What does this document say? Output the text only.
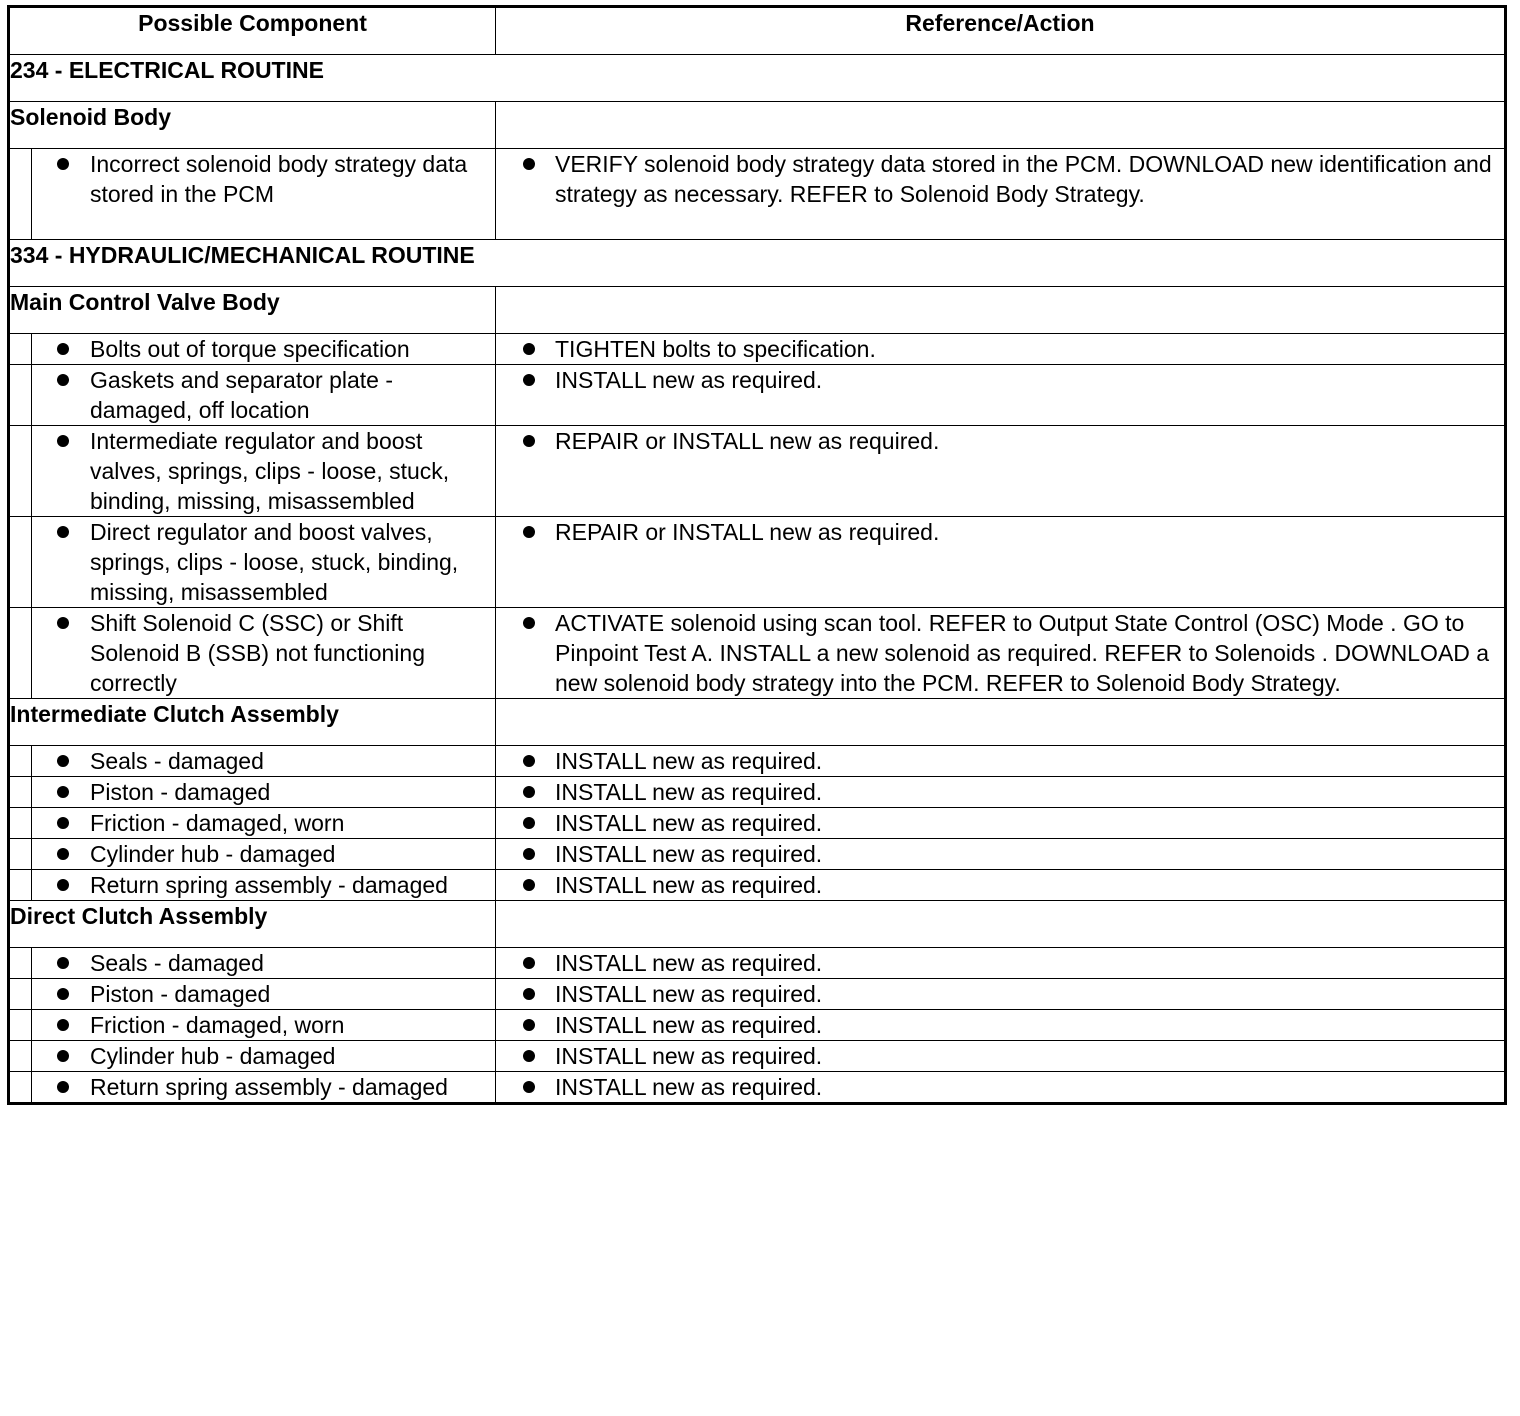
Possible Component		Reference/Action
234 - ELECTRICAL ROUTINE		
Solenoid Body		

	Incorrect solenoid body strategy data stored in the PCM	VERIFY solenoid body strategy data stored in the PCM. DOWNLOAD new identification and strategy as necessary. REFER to Solenoid Body Strategy.

334 - HYDRAULIC/MECHANICAL ROUTINE		
Main Control Valve Body		

	Bolts out of torque specification	TIGHTEN bolts to specification.

	Gaskets and separator plate - damaged, off location	INSTALL new as required.

	Intermediate regulator and boost valves, springs, clips - loose, stuck, binding, missing, misassembled	REPAIR or INSTALL new as required.

	Direct regulator and boost valves, springs, clips - loose, stuck, binding, missing, misassembled	REPAIR or INSTALL new as required.

	Shift Solenoid C (SSC) or Shift Solenoid B (SSB) not functioning correctly	ACTIVATE solenoid using scan tool. REFER to Output State Control (OSC) Mode . GO to Pinpoint Test A. INSTALL a new solenoid as required. REFER to Solenoids . DOWNLOAD a new solenoid body strategy into the PCM. REFER to Solenoid Body Strategy.

Intermediate Clutch Assembly		

	Seals - damaged	INSTALL new as required.

	Piston - damaged	INSTALL new as required.

	Friction - damaged, worn	INSTALL new as required.

	Cylinder hub - damaged	INSTALL new as required.

	Return spring assembly - damaged	INSTALL new as required.

Direct Clutch Assembly		

	Seals - damaged	INSTALL new as required.

	Piston - damaged	INSTALL new as required.

	Friction - damaged, worn	INSTALL new as required.

	Cylinder hub - damaged	INSTALL new as required.

	Return spring assembly - damaged	INSTALL new as required.
